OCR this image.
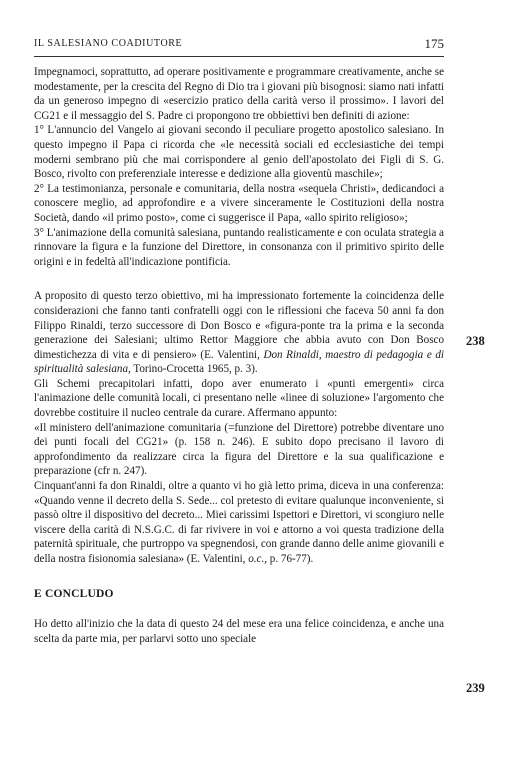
IL SALESIANO COADIUTORE	175

Impegnamoci, soprattutto, ad operare positivamente e programmare creativamente, anche se modestamente, per la crescita del Regno di Dio tra i giovani più bisognosi: siamo nati infatti da un generoso impegno di «esercizio pratico della carità verso il prossimo». I lavori del CG21 e il messaggio del S. Padre ci propongono tre obbiettivi ben definiti di azione:

1° L'annuncio del Vangelo ai giovani secondo il peculiare progetto apostolico salesiano. In questo impegno il Papa ci ricorda che «le necessità sociali ed ecclesiastiche dei tempi moderni sembrano più che mai corrispondere al genio dell'apostolato dei Figli di S. G. Bosco, rivolto con preferenziale interesse e dedizione alla gioventù maschile»;

2° La testimonianza, personale e comunitaria, della nostra «sequela Christi», dedicandoci a conoscere meglio, ad approfondire e a vivere sinceramente le Costituzioni della nostra Società, dando «il primo posto», come ci suggerisce il Papa, «allo spirito religioso»;

3° L'animazione della comunità salesiana, puntando realisticamente e con oculata strategia a rinnovare la figura e la funzione del Direttore, in consonanza con il primitivo spirito delle origini e in fedeltà all'indicazione pontificia.

A proposito di questo terzo obiettivo, mi ha impressionato fortemente la coincidenza delle considerazioni che fanno tanti confratelli oggi con le riflessioni che faceva 50 anni fa don Filippo Rinaldi, terzo successore di Don Bosco e «figura-ponte tra la prima e la seconda generazione dei Salesiani; ultimo Rettor Maggiore che abbia avuto con Don Bosco dimestichezza di vita e di pensiero» (E. Valentini, Don Rinaldi, maestro di pedagogia e di spiritualità salesiana, Torino-Crocetta 1965, p. 3).

Gli Schemi precapitolari infatti, dopo aver enumerato i «punti emergenti» circa l'animazione delle comunità locali, ci presentano nelle «linee di soluzione» l'argomento che dovrebbe costituire il nucleo centrale da curare. Affermano appunto:

«Il ministero dell'animazione comunitaria (=funzione del Direttore) potrebbe diventare uno dei punti focali del CG21» (p. 158 n. 246). E subito dopo precisano il lavoro di approfondimento da realizzare circa la figura del Direttore e la sua qualificazione e preparazione (cfr n. 247).

Cinquant'anni fa don Rinaldi, oltre a quanto vi ho già letto prima, diceva in una conferenza: «Quando venne il decreto della S. Sede... col pretesto di evitare qualunque inconveniente, si passò oltre il dispositivo del decreto... Miei carissimi Ispettori e Direttori, vi scongiuro nelle viscere della carità di N.S.G.C. di far rivivere in voi e attorno a voi questa tradizione della paternità spirituale, che purtroppo va spegnendosi, con grande danno delle anime giovanili e della nostra fisionomia salesiana» (E. Valentini, o.c., p. 76-77).

E CONCLUDO

Ho detto all'inizio che la data di questo 24 del mese era una felice coincidenza, e anche una scelta da parte mia, per parlarvi sotto uno speciale

238
239
